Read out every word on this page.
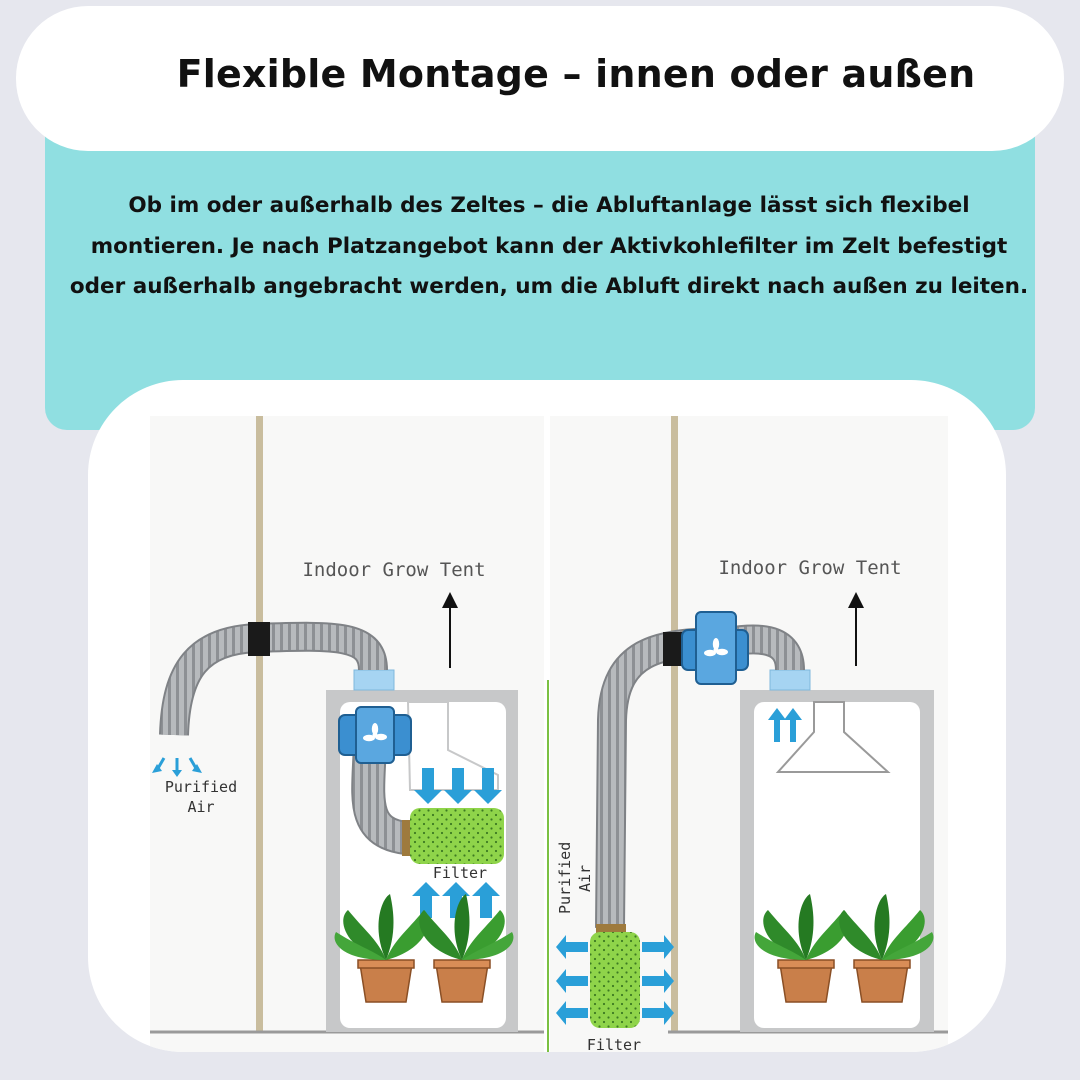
Flexible Montage – innen oder außen
Ob im oder außerhalb des Zeltes – die Abluftanlage lässt sich flexibel montieren. Je nach Platzangebot kann der Aktivkohlefilter im Zelt befestigt oder außerhalb angebracht werden, um die Abluft direkt nach außen zu leiten.
Indoor Grow Tent
Purified
Air
Filter
Indoor Grow Tent
Purified Air
Filter
